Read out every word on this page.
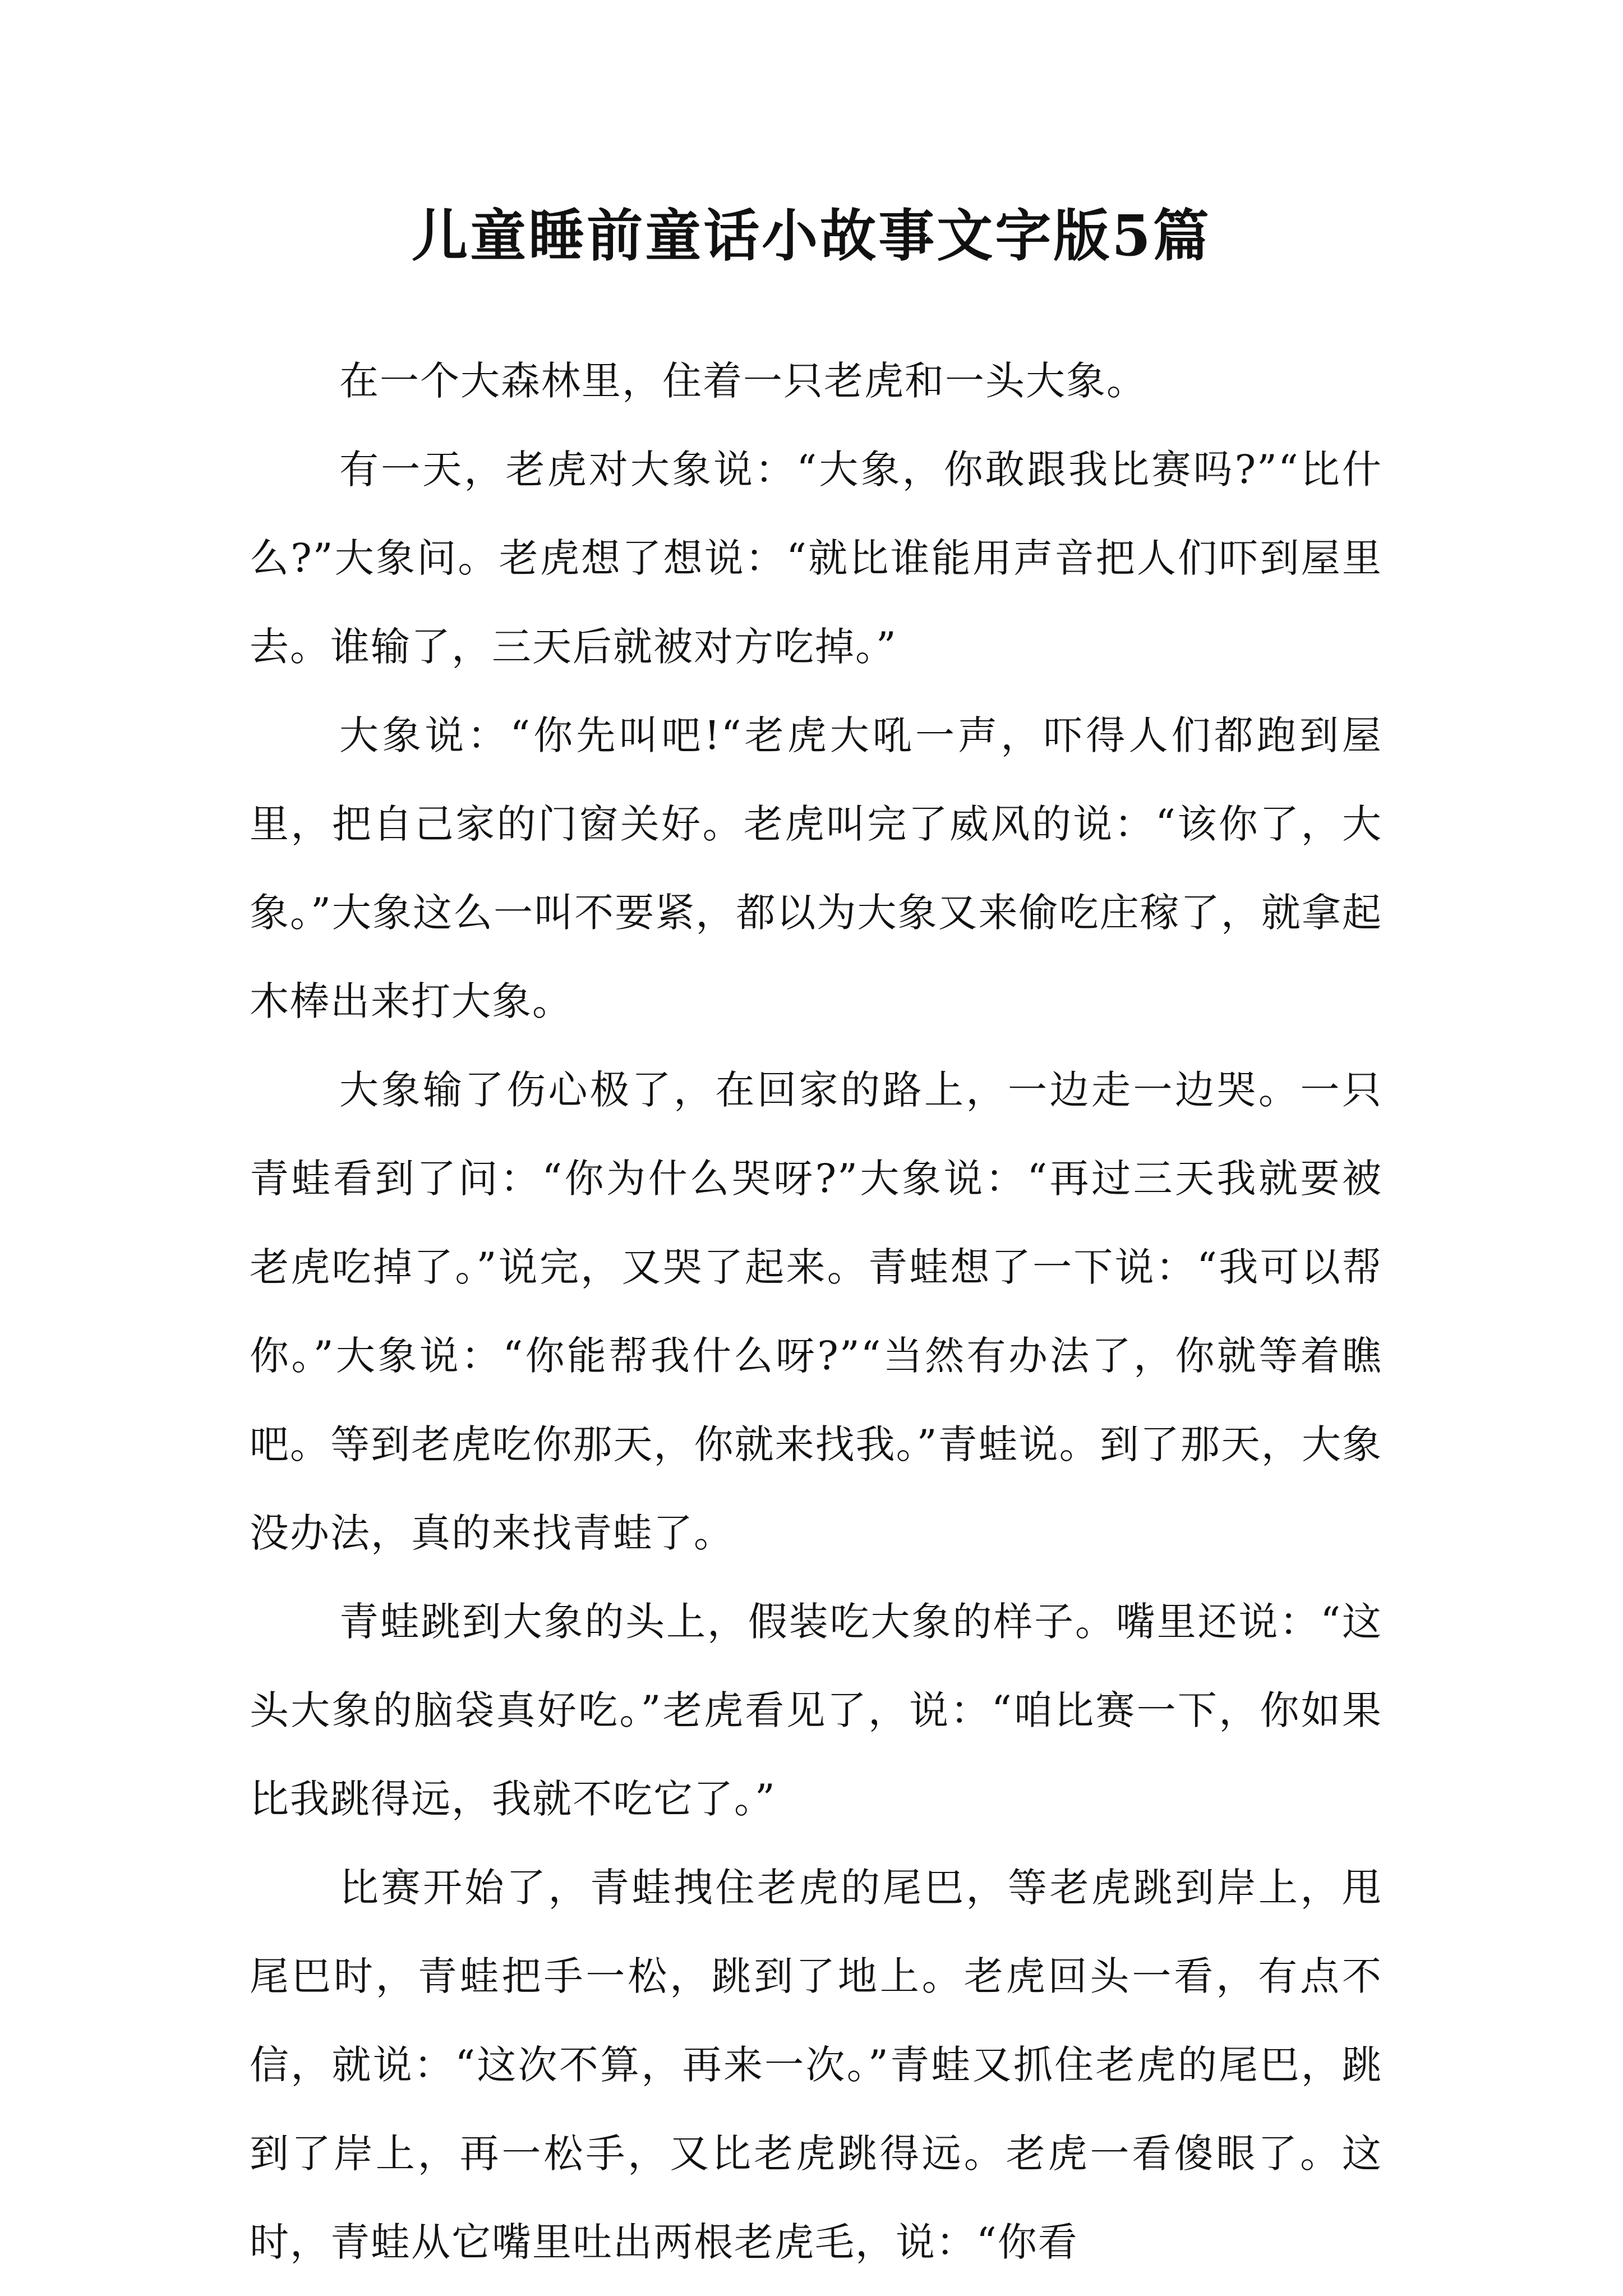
儿童睡前童话小故事文字版5篇

在一个大森林里，住着一只老虎和一头大象。

有一天，老虎对大象说：“大象，你敢跟我比赛吗?”“比什么?”大象问。老虎想了想说：“就比谁能用声音把人们吓到屋里去。谁输了，三天后就被对方吃掉。”

大象说：“你先叫吧!“老虎大吼一声，吓得人们都跑到屋里，把自己家的门窗关好。老虎叫完了威风的说：“该你了，大象。”大象这么一叫不要紧，都以为大象又来偷吃庄稼了，就拿起木棒出来打大象。

大象输了伤心极了，在回家的路上，一边走一边哭。一只青蛙看到了问：“你为什么哭呀?”大象说：“再过三天我就要被老虎吃掉了。”说完，又哭了起来。青蛙想了一下说：“我可以帮你。”大象说：“你能帮我什么呀?”“当然有办法了，你就等着瞧吧。等到老虎吃你那天，你就来找我。”青蛙说。到了那天，大象没办法，真的来找青蛙了。

青蛙跳到大象的头上，假装吃大象的样子。嘴里还说：“这头大象的脑袋真好吃。”老虎看见了，说：“咱比赛一下，你如果比我跳得远，我就不吃它了。”

比赛开始了，青蛙拽住老虎的尾巴，等老虎跳到岸上，甩尾巴时，青蛙把手一松，跳到了地上。老虎回头一看，有点不信，就说：“这次不算，再来一次。”青蛙又抓住老虎的尾巴，跳到了岸上，再一松手，又比老虎跳得远。老虎一看傻眼了。这时，青蛙从它嘴里吐出两根老虎毛，说：“你看
